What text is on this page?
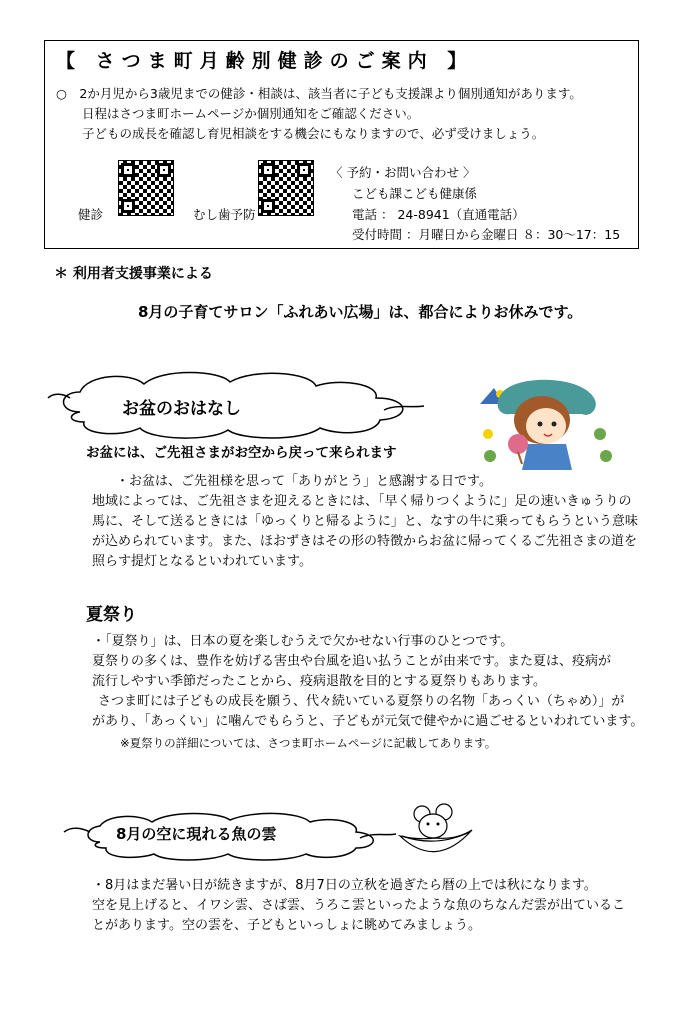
【 さつま町月齢別健診のご案内 】
○　2か月児から3歳児までの健診・相談は、該当者に子ども支援課より個別通知があります。
日程はさつま町ホームページか個別通知をご確認ください。
子どもの成長を確認し育児相談をする機会にもなりますので、必ず受けましょう。
健診	むし歯予防
〈 予約・お問い合わせ 〉
こども課こども健康係
電話 ： 24-8941（直通電話）
受付時間 ：月曜日から金曜日 ８：30〜17：15
＊ 利用者支援事業による
8月の子育てサロン「ふれあい広場」は、都合によりお休みです。
お盆のおはなし
お盆には、ご先祖さまがお空から戻って来られます
・お盆は、ご先祖様を思って「ありがとう」と感謝する日です。
地域によっては、ご先祖さまを迎えるときには、「早く帰りつくように」足の速いきゅうりの
馬に、そして送るときには「ゆっくりと帰るように」と、なすの牛に乗ってもらうという意味
が込められています。また、ほおずきはその形の特徴からお盆に帰ってくるご先祖さまの道を
照らす提灯となるといわれています。
夏祭り
・「夏祭り」は、日本の夏を楽しむうえで欠かせない行事のひとつです。
夏祭りの多くは、豊作を妨げる害虫や台風を追い払うことが由来です。また夏は、疫病が
流行しやすい季節だったことから、疫病退散を目的とする夏祭りもあります。
さつま町には子どもの成長を願う、代々続いている夏祭りの名物「あっくい（ちゃめ）」が
があり、「あっくい」に噛んでもらうと、子どもが元気で健やかに過ごせるといわれています。
※夏祭りの詳細については、さつま町ホームページに記載してあります。
8月の空に現れる魚の雲
・8月はまだ暑い日が続きますが、8月7日の立秋を過ぎたら暦の上では秋になります。
空を見上げると、イワシ雲、さば雲、うろこ雲といったような魚のちなんだ雲が出ているこ
とがあります。空の雲を、子どもといっしょに眺めてみましょう。
